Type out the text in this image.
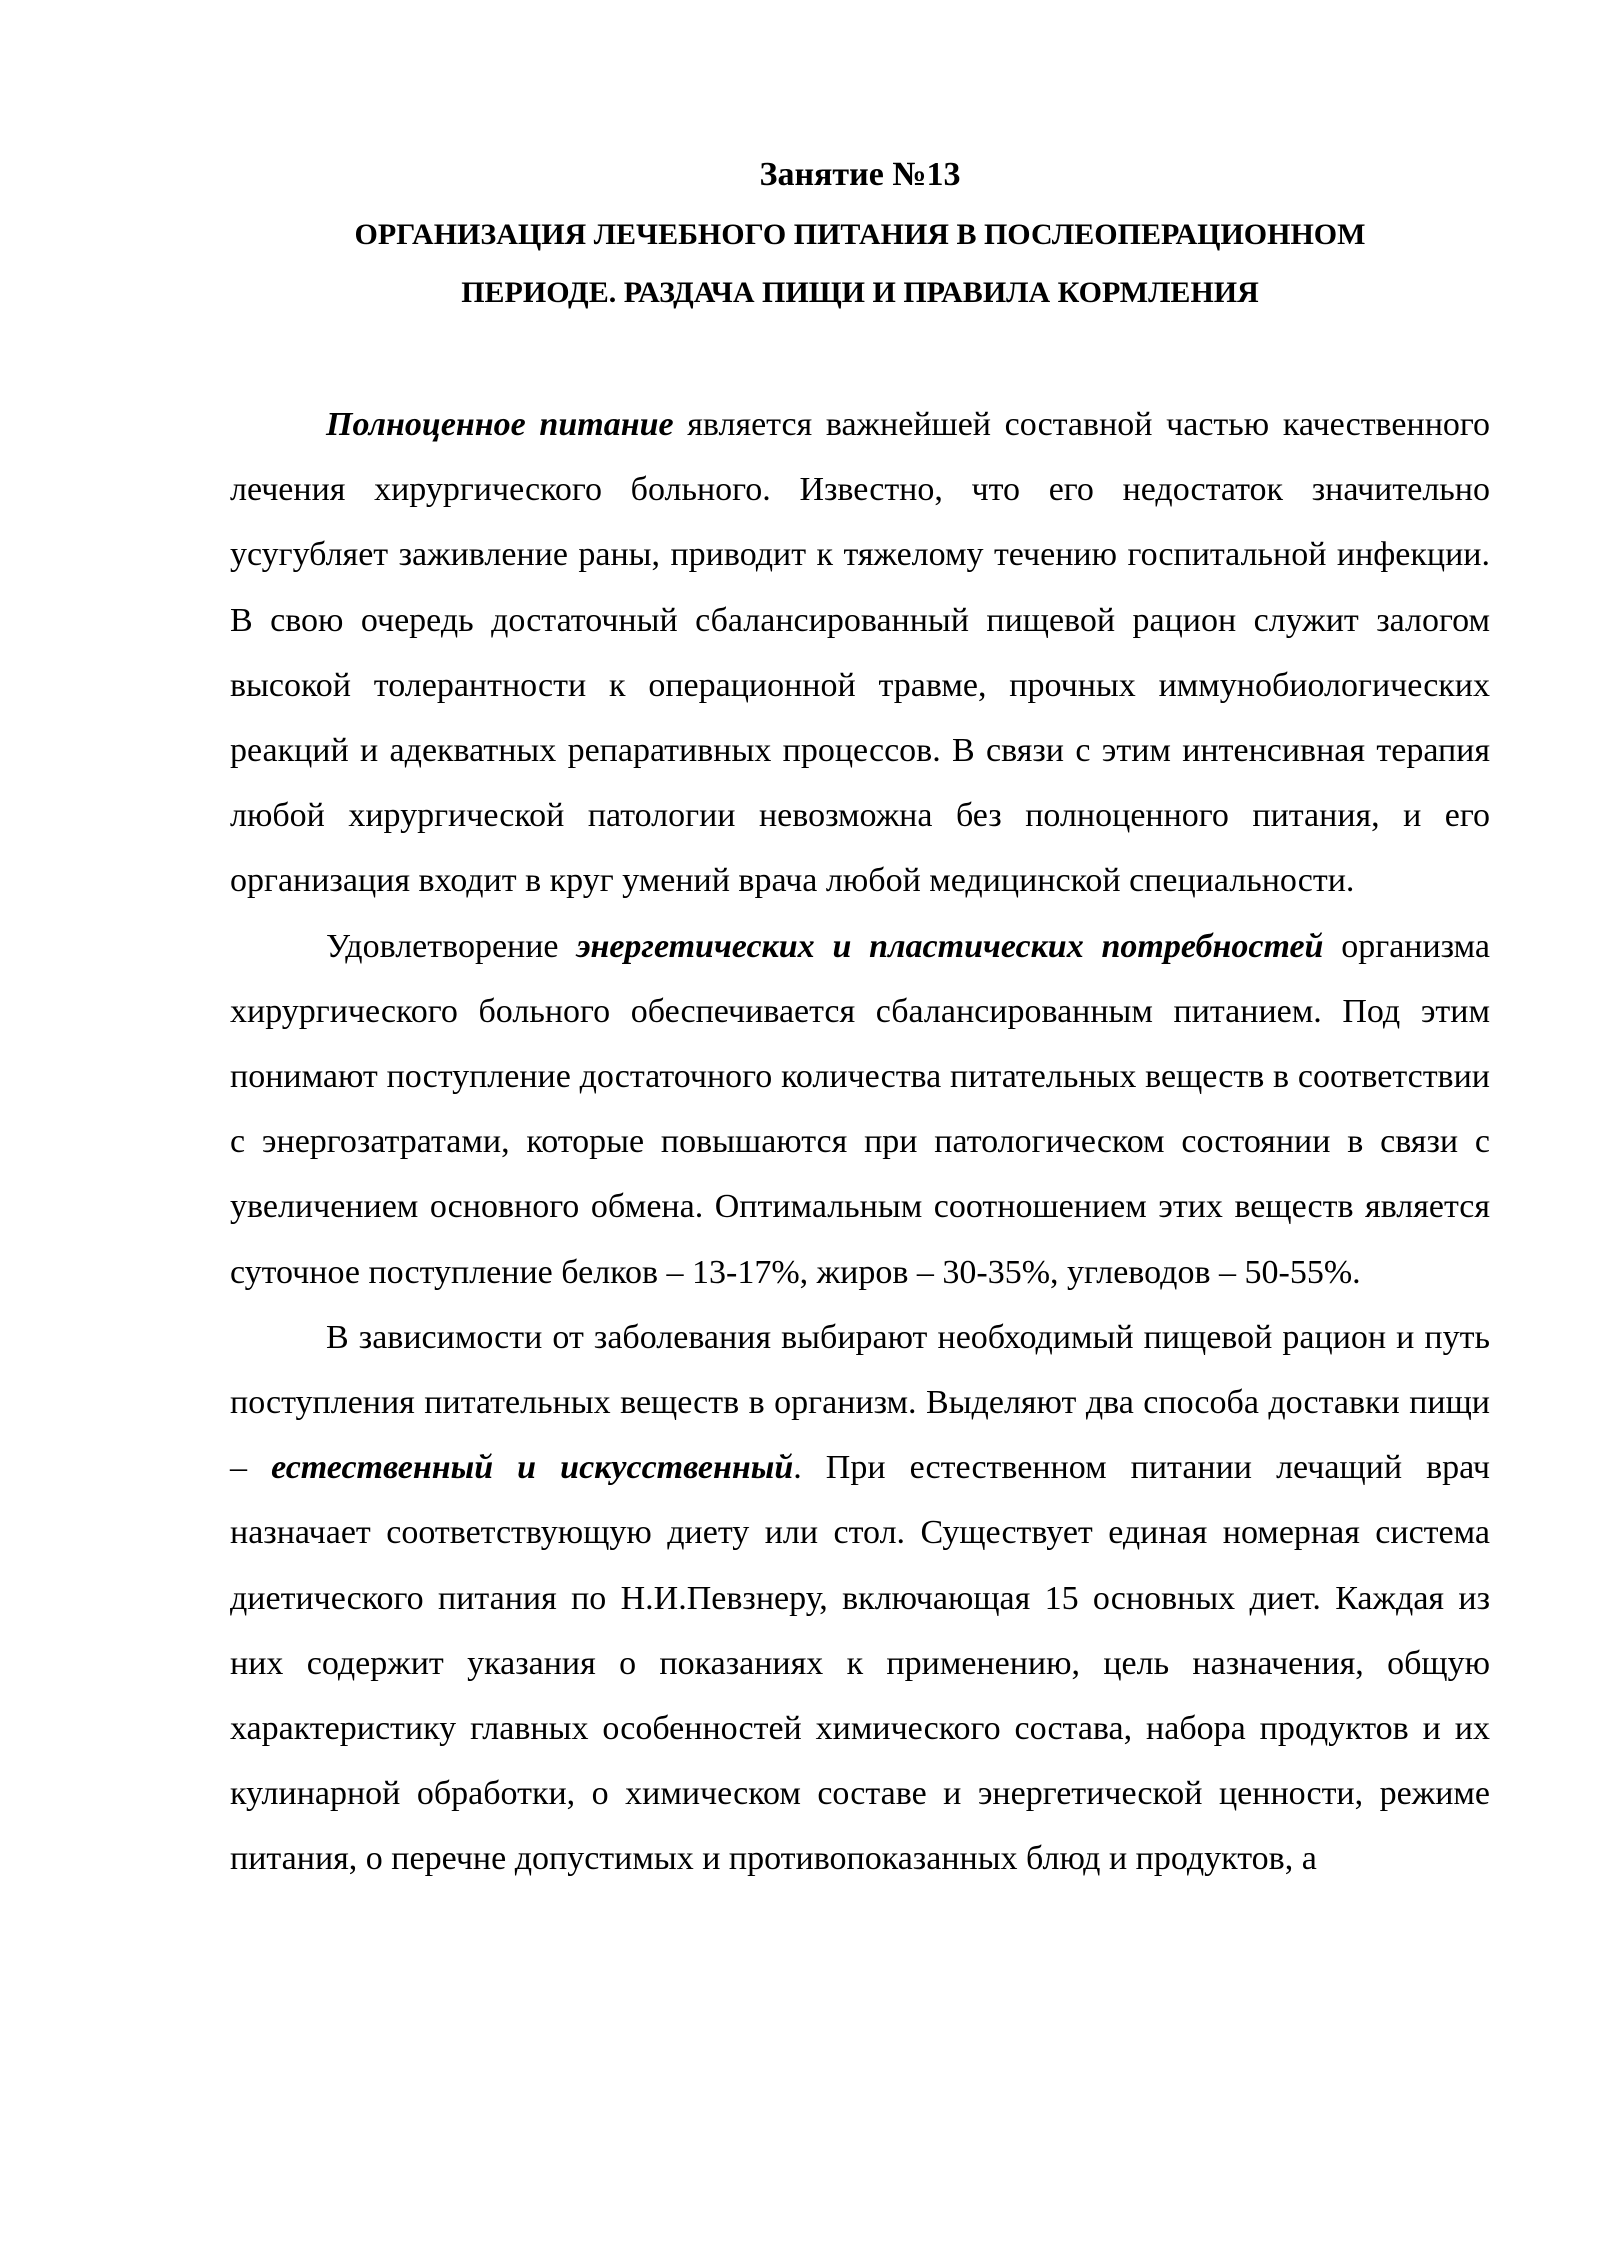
Занятие №13
ОРГАНИЗАЦИЯ ЛЕЧЕБНОГО ПИТАНИЯ В ПОСЛЕОПЕРАЦИОННОМ
ПЕРИОДЕ. РАЗДАЧА ПИЩИ И ПРАВИЛА КОРМЛЕНИЯ

Полноценное питание является важнейшей составной частью качественного лечения хирургического больного. Известно, что его недостаток значительно усугубляет заживление раны, приводит к тяжелому течению госпитальной инфекции. В свою очередь достаточный сбалансированный пищевой рацион служит залогом высокой толерантности к операционной травме, прочных иммунобиологических реакций и адекватных репаративных процессов. В связи с этим интенсивная терапия любой хирургической патологии невозможна без полноценного питания, и его организация входит в круг умений врача любой медицинской специальности.

Удовлетворение энергетических и пластических потребностей организма хирургического больного обеспечивается сбалансированным питанием. Под этим понимают поступление достаточного количества питательных веществ в соответствии с энергозатратами, которые повышаются при патологическом состоянии в связи с увеличением основного обмена. Оптимальным соотношением этих веществ является суточное поступление белков – 13-17%, жиров – 30-35%, углеводов – 50-55%.

В зависимости от заболевания выбирают необходимый пищевой рацион и путь поступления питательных веществ в организм. Выделяют два способа доставки пищи – естественный и искусственный. При естественном питании лечащий врач назначает соответствующую диету или стол. Существует единая номерная система диетического питания по Н.И.Певзнеру, включающая 15 основных диет. Каждая из них содержит указания о показаниях к применению, цель назначения, общую характеристику главных особенностей химического состава, набора продуктов и их кулинарной обработки, о химическом составе и энергетической ценности, режиме питания, о перечне допустимых и противопоказанных блюд и продуктов, а
